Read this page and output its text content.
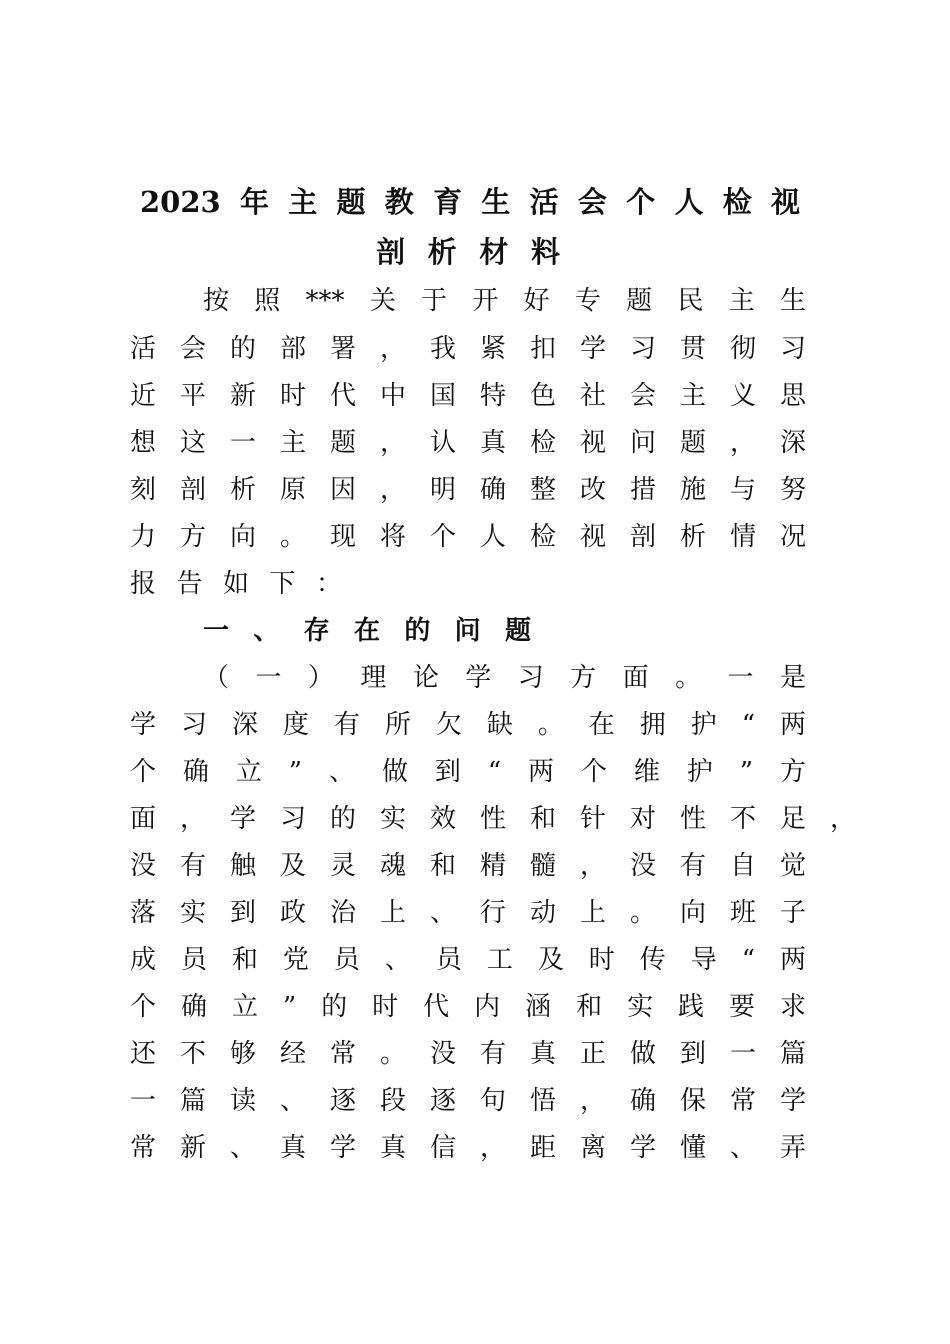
2023年主题教育生活会个人检视
剖析材料
按照***关于开好专题民主生
活会的部署，我紧扣学习贯彻习
近平新时代中国特色社会主义思
想这一主题，认真检视问题，深
刻剖析原因，明确整改措施与努
力方向。现将个人检视剖析情况
报告如下：
一、存在的问题
（一）理论学习方面。一是
学习深度有所欠缺。在拥护“两
个确立”、做到“两个维护”方
面，学习的实效性和针对性不足 ，
没有触及灵魂和精髓，没有自觉
落实到政治上、行动上。向班子
成员和党员、员工及时传导“两
个确立”的时代内涵和实践要求
还不够经常。没有真正做到一篇
一篇读、逐段逐句悟，确保常学
常新、真学真信，距离学懂、弄
